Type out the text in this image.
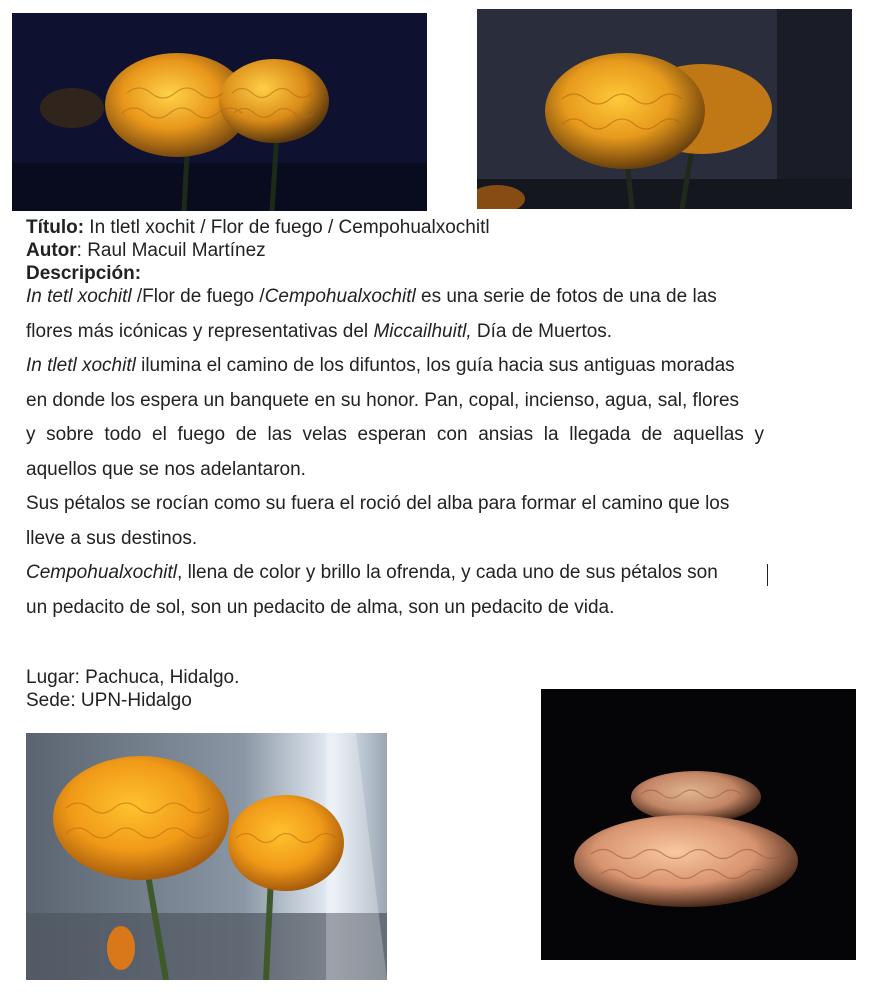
Título: In tletl xochit / Flor de fuego / Cempohualxochitl
Autor: Raul Macuil Martínez
Descripción:
In tetl xochitl /Flor de fuego /Cempohualxochitl es una serie de fotos de una de las
flores más icónicas y representativas del Miccailhuitl, Día de Muertos.
In tletl xochitl ilumina el camino de los difuntos, los guía hacia sus antiguas moradas
en donde los espera un banquete en su honor. Pan, copal, incienso, agua, sal, flores
y sobre todo el fuego de las velas esperan con ansias la llegada de aquellas y
aquellos que se nos adelantaron.
Sus pétalos se rocían como su fuera el roció del alba para formar el camino que los
lleve a sus destinos.
Cempohualxochitl, llena de color y brillo la ofrenda, y cada uno de sus pétalos son
un pedacito de sol, son un pedacito de alma, son un pedacito de vida.
Lugar: Pachuca, Hidalgo.
Sede: UPN-Hidalgo
